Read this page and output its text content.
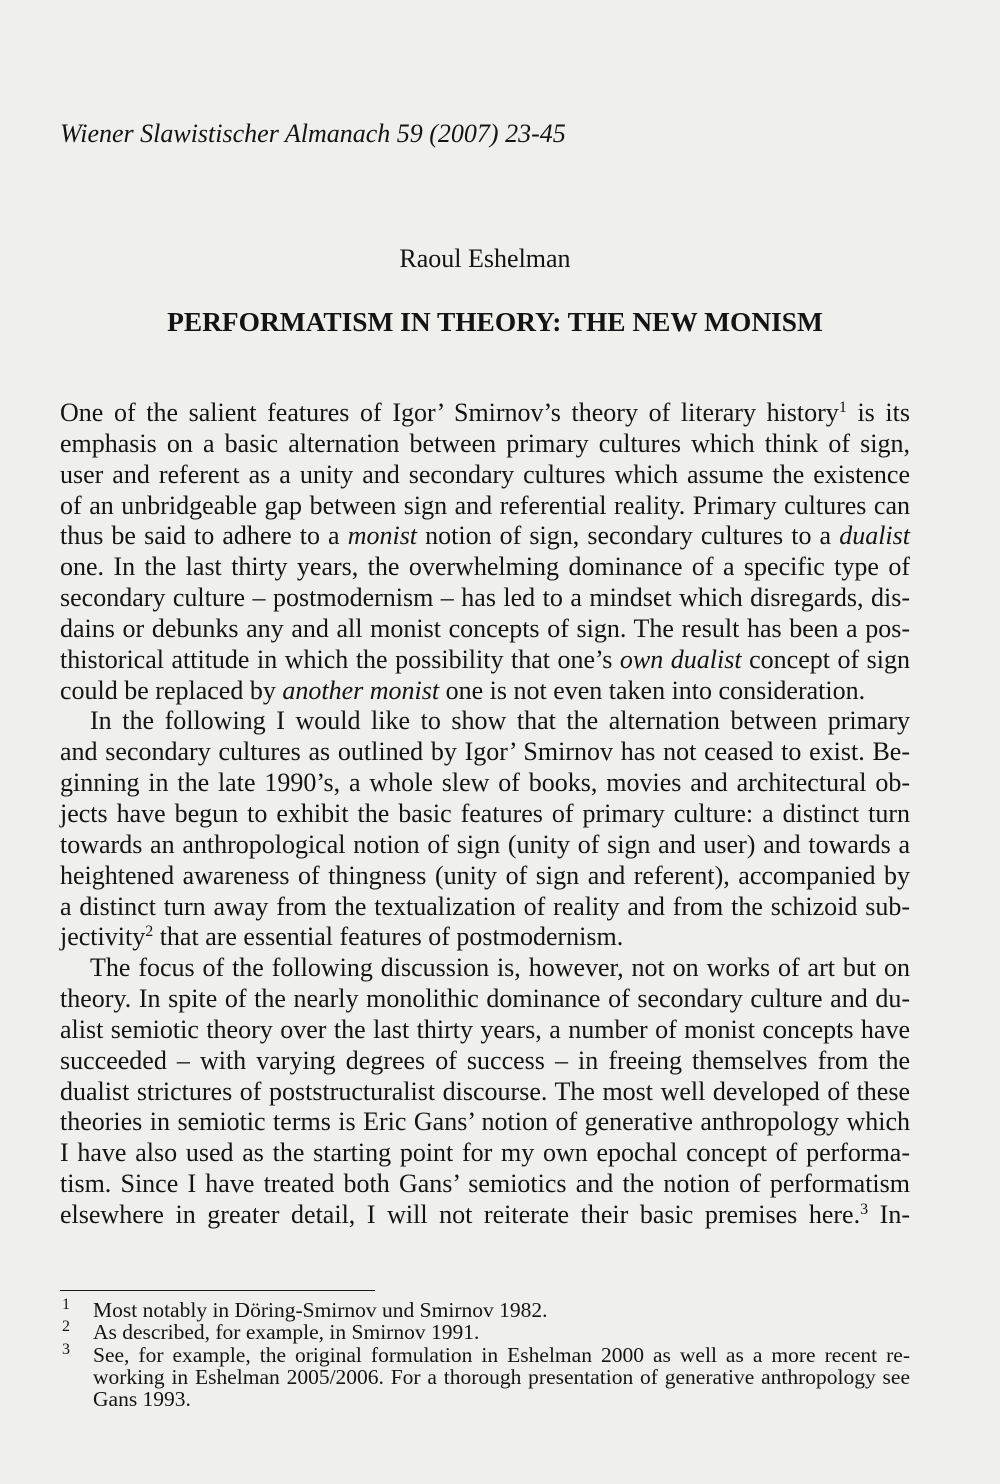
Wiener Slawistischer Almanach 59 (2007) 23-45
Raoul Eshelman
PERFORMATISM IN THEORY: THE NEW MONISM
One of the salient features of Igor’ Smirnov’s theory of literary history$^1$ is its
emphasis on a basic alternation between primary cultures which think of sign,
user and referent as a unity and secondary cultures which assume the existence
of an unbridgeable gap between sign and referential reality. Primary cultures can
thus be said to adhere to a monist notion of sign, secondary cultures to a dualist
one. In the last thirty years, the overwhelming dominance of a specific type of
secondary culture – postmodernism – has led to a mindset which disregards, dis-
dains or debunks any and all monist concepts of sign. The result has been a pos-
thistorical attitude in which the possibility that one’s own dualist concept of sign
could be replaced by another monist one is not even taken into consideration.
In the following I would like to show that the alternation between primary
and secondary cultures as outlined by Igor’ Smirnov has not ceased to exist. Be-
ginning in the late 1990’s, a whole slew of books, movies and architectural ob-
jects have begun to exhibit the basic features of primary culture: a distinct turn
towards an anthropological notion of sign (unity of sign and user) and towards a
heightened awareness of thingness (unity of sign and referent), accompanied by
a distinct turn away from the textualization of reality and from the schizoid sub-
jectivity$^2$ that are essential features of postmodernism.
The focus of the following discussion is, however, not on works of art but on
theory. In spite of the nearly monolithic dominance of secondary culture and du-
alist semiotic theory over the last thirty years, a number of monist concepts have
succeeded – with varying degrees of success – in freeing themselves from the
dualist strictures of poststructuralist discourse. The most well developed of these
theories in semiotic terms is Eric Gans’ notion of generative anthropology which
I have also used as the starting point for my own epochal concept of performa-
tism. Since I have treated both Gans’ semiotics and the notion of performatism
elsewhere in greater detail, I will not reiterate their basic premises here.$^3$ In-
1 Most notably in Döring-Smirnov und Smirnov 1982.
2 As described, for example, in Smirnov 1991.
3 See, for example, the original formulation in Eshelman 2000 as well as a more recent re-
working in Eshelman 2005/2006. For a thorough presentation of generative anthropology see
Gans 1993.
